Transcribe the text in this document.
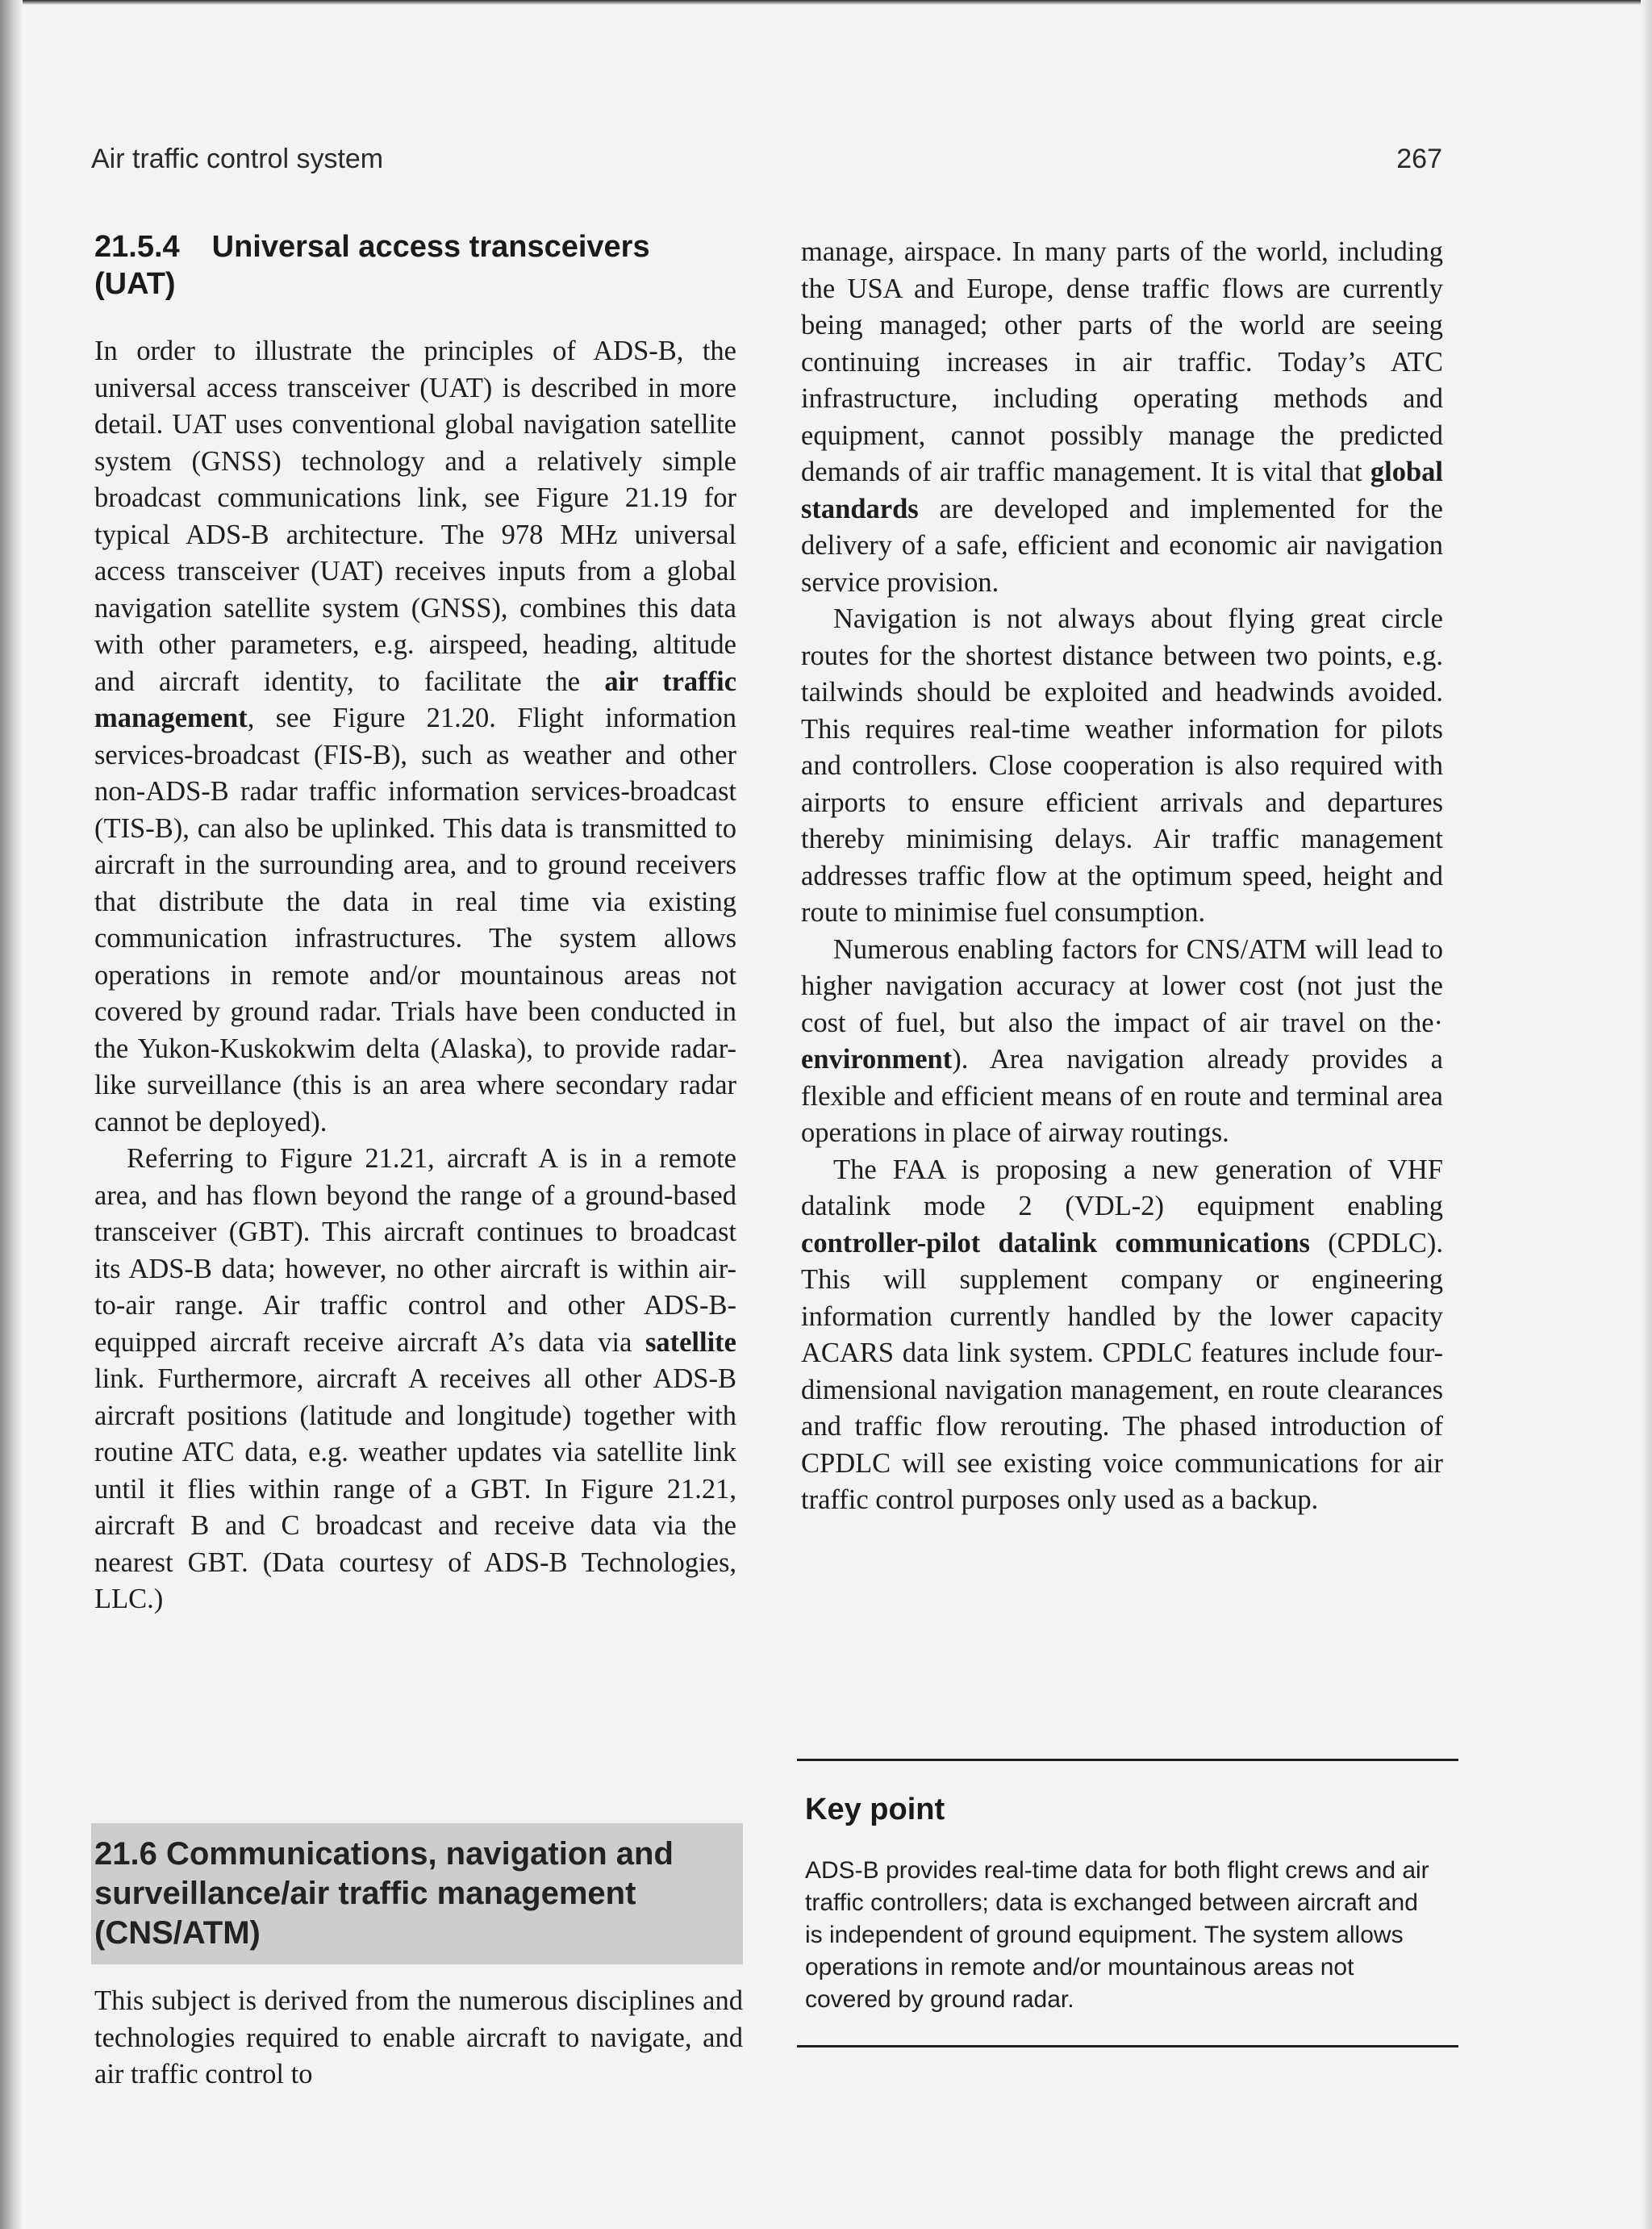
Air traffic control system	267
21.5.4 Universal access transceivers (UAT)

In order to illustrate the principles of ADS-B, the universal access transceiver (UAT) is described in more detail. UAT uses conventional global navigation satellite system (GNSS) technology and a relatively simple broadcast communications link, see Figure 21.19 for typical ADS-B architecture. The 978 MHz universal access transceiver (UAT) receives inputs from a global navigation satellite system (GNSS), combines this data with other parameters, e.g. airspeed, heading, altitude and aircraft identity, to facilitate the air traffic management, see Figure 21.20. Flight information services-broadcast (FIS-B), such as weather and other non-ADS-B radar traffic information services-broadcast (TIS-B), can also be uplinked. This data is transmitted to aircraft in the surrounding area, and to ground receivers that distribute the data in real time via existing communication infrastructures. The system allows operations in remote and/or mountainous areas not covered by ground radar. Trials have been conducted in the Yukon-Kuskokwim delta (Alaska), to provide radar-like surveillance (this is an area where secondary radar cannot be deployed).

Referring to Figure 21.21, aircraft A is in a remote area, and has flown beyond the range of a ground-based transceiver (GBT). This aircraft continues to broadcast its ADS-B data; however, no other aircraft is within air-to-air range. Air traffic control and other ADS-B-equipped aircraft receive aircraft A’s data via satellite link. Furthermore, aircraft A receives all other ADS-B aircraft positions (latitude and longitude) together with routine ATC data, e.g. weather updates via satellite link until it flies within range of a GBT. In Figure 21.21, aircraft B and C broadcast and receive data via the nearest GBT. (Data courtesy of ADS-B Technologies, LLC.)

21.6 Communications, navigation and surveillance/air traffic management (CNS/ATM)

This subject is derived from the numerous disciplines and technologies required to enable aircraft to navigate, and air traffic control to

manage, airspace. In many parts of the world, including the USA and Europe, dense traffic flows are currently being managed; other parts of the world are seeing continuing increases in air traffic. Today’s ATC infrastructure, including operating methods and equipment, cannot possibly manage the predicted demands of air traffic management. It is vital that global standards are developed and implemented for the delivery of a safe, efficient and economic air navigation service provision.

Navigation is not always about flying great circle routes for the shortest distance between two points, e.g. tailwinds should be exploited and headwinds avoided. This requires real-time weather information for pilots and controllers. Close cooperation is also required with airports to ensure efficient arrivals and departures thereby minimising delays. Air traffic management addresses traffic flow at the optimum speed, height and route to minimise fuel consumption.

Numerous enabling factors for CNS/ATM will lead to higher navigation accuracy at lower cost (not just the cost of fuel, but also the impact of air travel on the· environment). Area navigation already provides a flexible and efficient means of en route and terminal area operations in place of airway routings.

The FAA is proposing a new generation of VHF datalink mode 2 (VDL-2) equipment enabling controller-pilot datalink communications (CPDLC). This will supplement company or engineering information currently handled by the lower capacity ACARS data link system. CPDLC features include four-dimensional navigation management, en route clearances and traffic flow rerouting. The phased introduction of CPDLC will see existing voice communications for air traffic control purposes only used as a backup.

Key point

ADS-B provides real-time data for both flight crews and air traffic controllers; data is exchanged between aircraft and is independent of ground equipment. The system allows operations in remote and/or mountainous areas not covered by ground radar.
